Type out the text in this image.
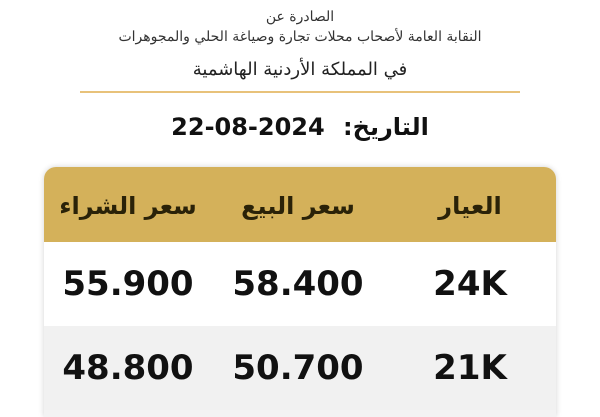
الصادرة عن
النقابة العامة لأصحاب محلات تجارة وصياغة الحلي والمجوهرات
في المملكة الأردنية الهاشمية
التاريخ: 22-08-2024
العيار
سعر البيع
سعر الشراء
24K
58.400
55.900
21K
50.700
48.800
